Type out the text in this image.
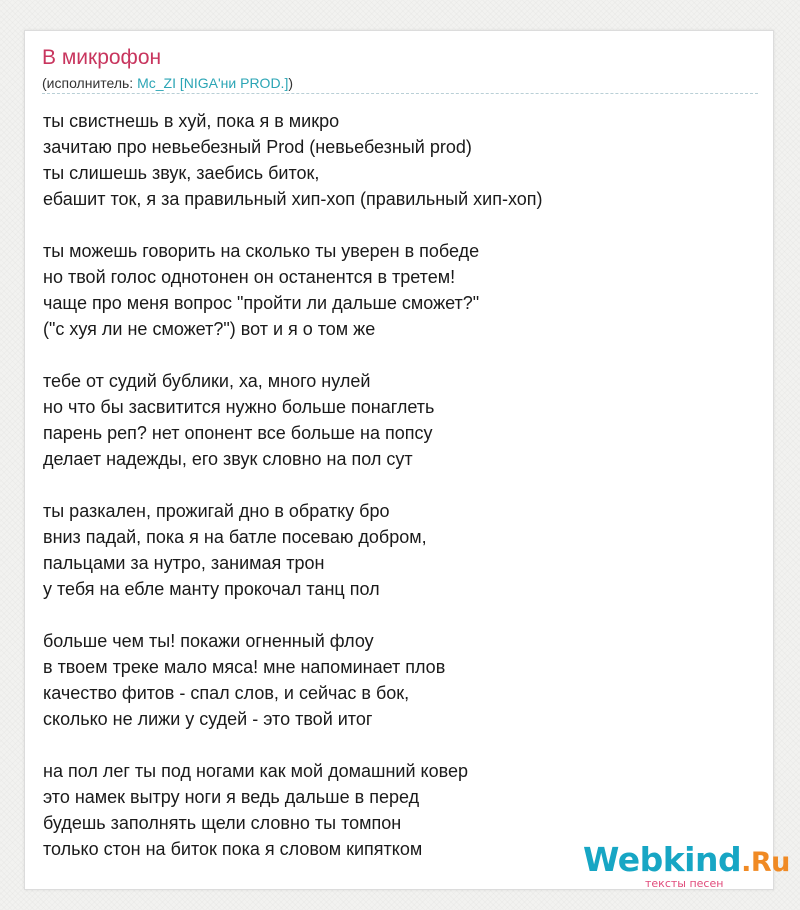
В микрофон
(исполнитель: Mc_ZI [NIGA'ни PROD.])
ты свистнешь в хуй, пока я в микро
зачитаю про невьебезный Prod (невьебезный prod)
ты слишешь звук, заебись биток,
ебашит ток, я за правильный хип-хоп (правильный хип-хоп)

ты можешь говорить на сколько ты уверен в победе
но твой голос однотонен он останентся в третем!
чаще про меня вопрос "пройти ли дальше сможет?"
("с хуя ли не сможет?") вот и я о том же

тебе от судий бублики, ха, много нулей
но что бы засвитится нужно больше понаглеть
парень реп? нет опонент все больше на попсу
делает надежды, его звук словно на пол сут

ты разкален, прожигай дно в обратку бро
вниз падай, пока я на батле посеваю добром,
пальцами за нутро, занимая трон
у тебя на ебле манту прокочал танц пол

больше чем ты! покажи огненный флоу
в твоем треке мало мяса! мне напоминает плов
качество фитов - спал слов, и сейчас в бок,
сколько не лижи у судей - это твой итог

на пол лег ты под ногами как мой домашний ковер
это намек вытру ноги я ведь дальше в перед
будешь заполнять щели словно ты томпон
только стон на биток пока я словом кипятком	Webkind.Ru
тексты песен
